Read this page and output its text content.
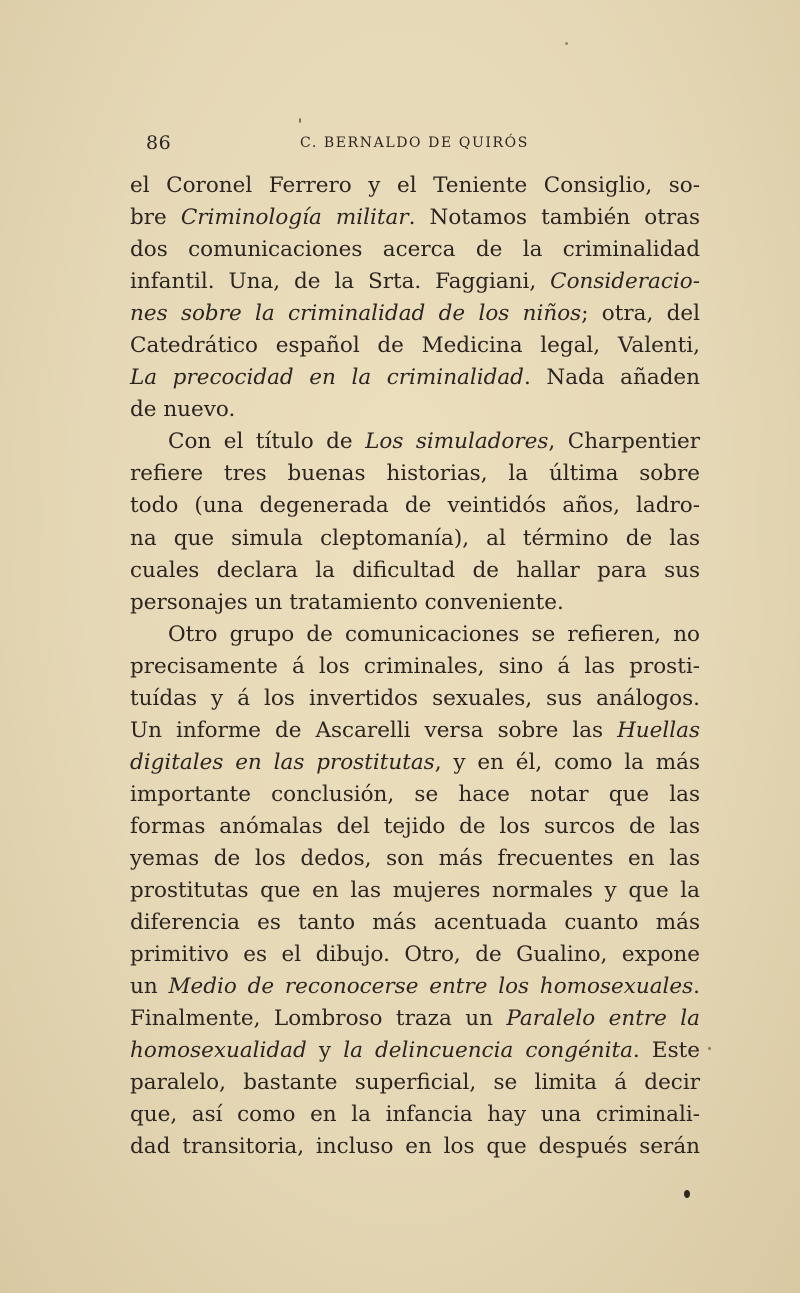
86	C. BERNALDO DE QUIRÓS
el Coronel Ferrero y el Teniente Consiglio, so-
bre Criminología militar. Notamos también otras
dos comunicaciones acerca de la criminalidad
infantil. Una, de la Srta. Faggiani, Consideracio-
nes sobre la criminalidad de los niños; otra, del
Catedrático español de Medicina legal, Valenti,
La precocidad en la criminalidad. Nada añaden
de nuevo.
Con el título de Los simuladores, Charpentier
refiere tres buenas historias, la última sobre
todo (una degenerada de veintidós años, ladro-
na que simula cleptomanía), al término de las
cuales declara la dificultad de hallar para sus
personajes un tratamiento conveniente.
Otro grupo de comunicaciones se refieren, no
precisamente á los criminales, sino á las prosti-
tuídas y á los invertidos sexuales, sus análogos.
Un informe de Ascarelli versa sobre las Huellas
digitales en las prostitutas, y en él, como la más
importante conclusión, se hace notar que las
formas anómalas del tejido de los surcos de las
yemas de los dedos, son más frecuentes en las
prostitutas que en las mujeres normales y que la
diferencia es tanto más acentuada cuanto más
primitivo es el dibujo. Otro, de Gualino, expone
un Medio de reconocerse entre los homosexuales.
Finalmente, Lombroso traza un Paralelo entre la
homosexualidad y la delincuencia congénita. Este
paralelo, bastante superficial, se limita á decir
que, así como en la infancia hay una criminali-
dad transitoria, incluso en los que después serán
